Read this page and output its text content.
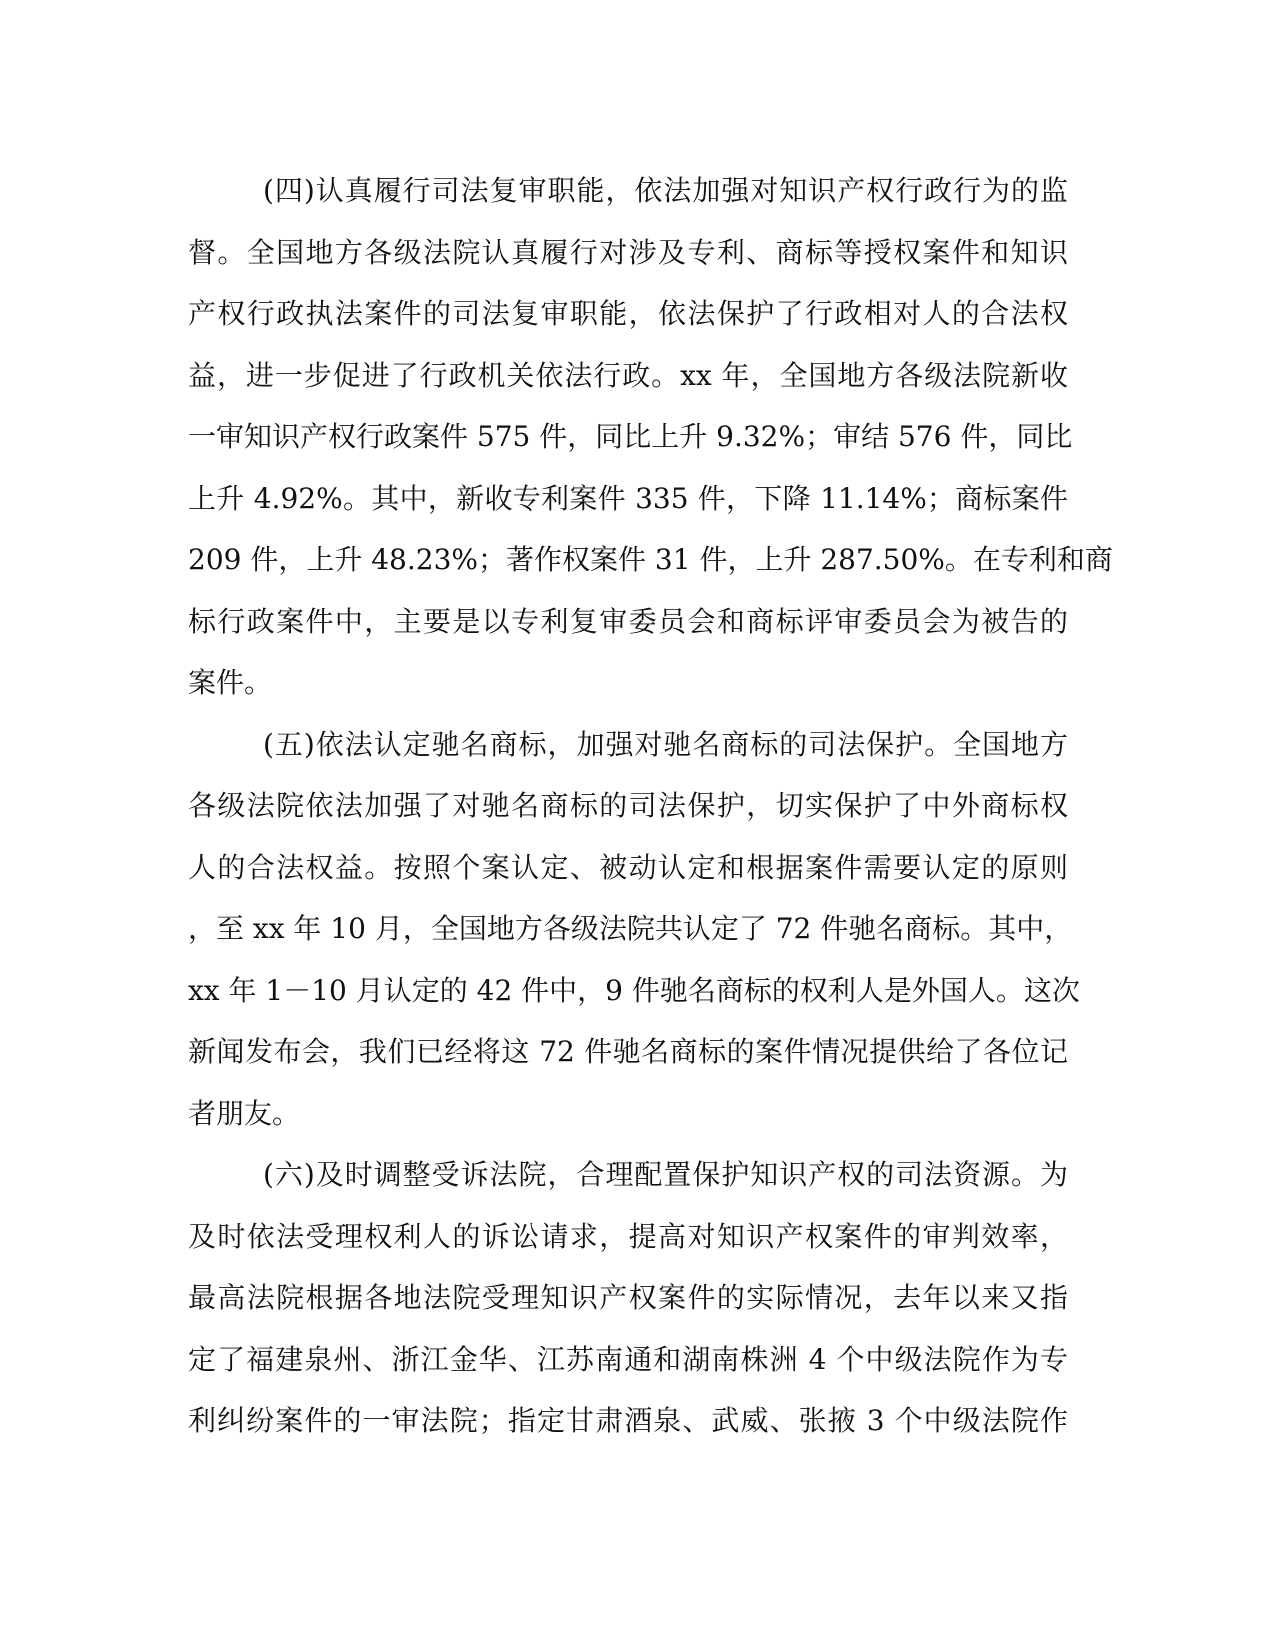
(四)认真履行司法复审职能，依法加强对知识产权行政行为的监
督。全国地方各级法院认真履行对涉及专利、商标等授权案件和知识
产权行政执法案件的司法复审职能，依法保护了行政相对人的合法权
益，进一步促进了行政机关依法行政。xx 年，全国地方各级法院新收
一审知识产权行政案件 575 件，同比上升 9.32%；审结 576 件，同比
上升 4.92%。其中，新收专利案件 335 件，下降 11.14%；商标案件
209 件，上升 48.23%；著作权案件 31 件，上升 287.50%。在专利和商
标行政案件中，主要是以专利复审委员会和商标评审委员会为被告的
案件。
(五)依法认定驰名商标，加强对驰名商标的司法保护。全国地方
各级法院依法加强了对驰名商标的司法保护，切实保护了中外商标权
人的合法权益。按照个案认定、被动认定和根据案件需要认定的原则
，至 xx 年 10 月，全国地方各级法院共认定了 72 件驰名商标。其中，
xx 年 1－10 月认定的 42 件中，9 件驰名商标的权利人是外国人。这次
新闻发布会，我们已经将这 72 件驰名商标的案件情况提供给了各位记
者朋友。
(六)及时调整受诉法院，合理配置保护知识产权的司法资源。为
及时依法受理权利人的诉讼请求，提高对知识产权案件的审判效率，
最高法院根据各地法院受理知识产权案件的实际情况，去年以来又指
定了福建泉州、浙江金华、江苏南通和湖南株洲 4 个中级法院作为专
利纠纷案件的一审法院；指定甘肃酒泉、武威、张掖 3 个中级法院作
